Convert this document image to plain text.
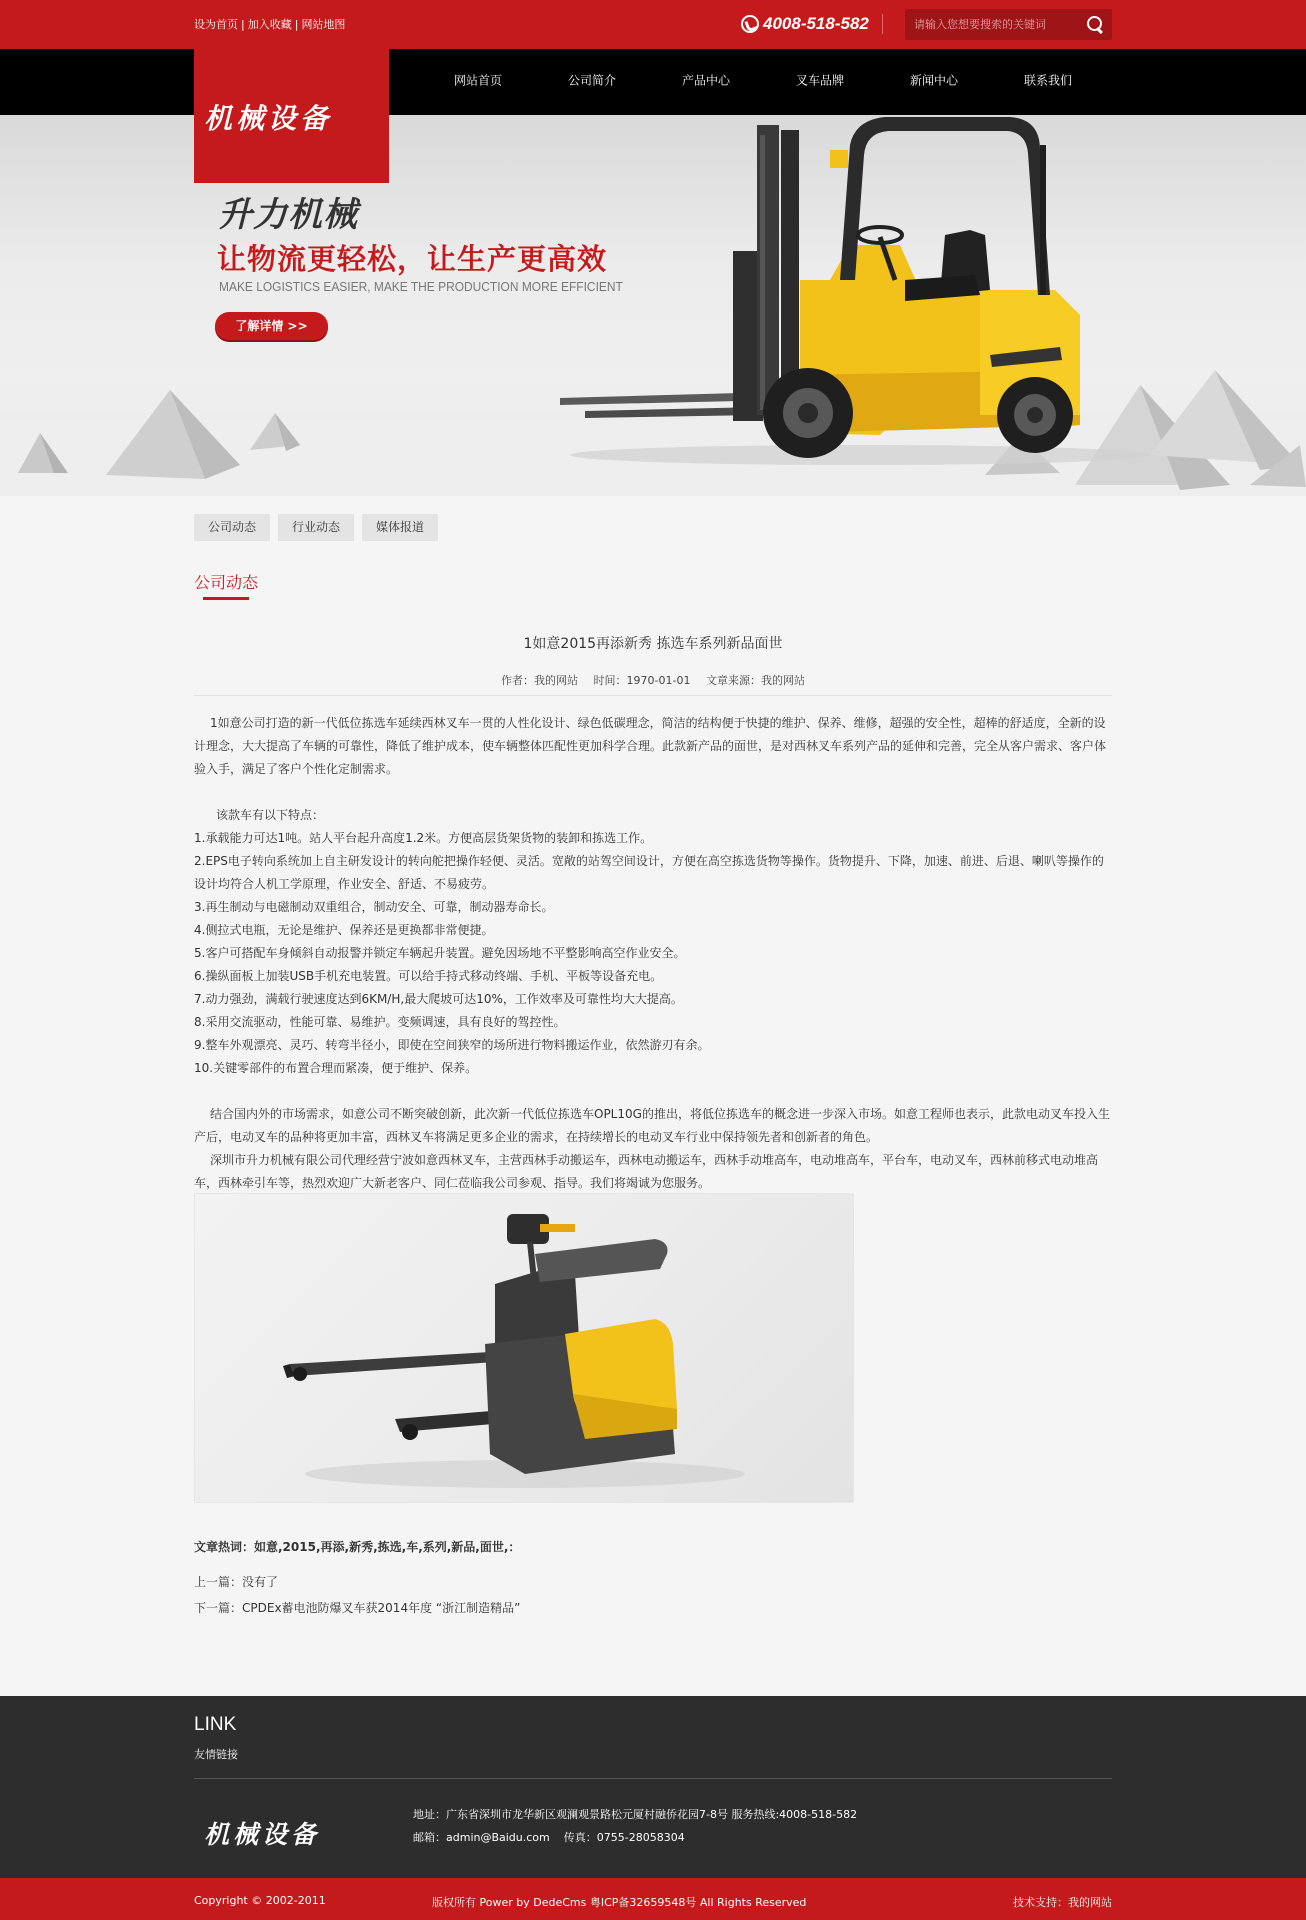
设为首页 | 加入收藏 | 网站地图	4008-518-582
请输入您想要搜索的关键词
网站首页	公司简介	产品中心	叉车品牌	新闻中心	联系我们
机械设备
升力机械
让物流更轻松，让生产更高效
MAKE LOGISTICS EASIER, MAKE THE PRODUCTION MORE EFFICIENT
了解详情 >>
公司动态	行业动态	媒体报道
公司动态
1如意2015再添新秀 拣选车系列新品面世
作者：我的网站 时间：1970-01-01 文章来源：我的网站

1如意公司打造的新一代低位拣选车延续西林叉车一贯的人性化设计、绿色低碳理念，简洁的结构便于快捷的维护、保养、维修，超强的安全性，超棒的舒适度，全新的设计理念，大大提高了车辆的可靠性，降低了维护成本，使车辆整体匹配性更加科学合理。此款新产品的面世，是对西林叉车系列产品的延伸和完善，完全从客户需求、客户体验入手，满足了客户个性化定制需求。

该款车有以下特点：

1.承载能力可达1吨。站人平台起升高度1.2米。方便高层货架货物的装卸和拣选工作。

2.EPS电子转向系统加上自主研发设计的转向舵把操作轻便、灵活。宽敞的站驾空间设计，方便在高空拣选货物等操作。货物提升、下降，加速、前进、后退、喇叭等操作的设计均符合人机工学原理，作业安全、舒适、不易疲劳。

3.再生制动与电磁制动双重组合，制动安全、可靠，制动器寿命长。

4.侧拉式电瓶，无论是维护、保养还是更换都非常便捷。

5.客户可搭配车身倾斜自动报警并锁定车辆起升装置。避免因场地不平整影响高空作业安全。

6.操纵面板上加装USB手机充电装置。可以给手持式移动终端、手机、平板等设备充电。

7.动力强劲，满载行驶速度达到6KM/H,最大爬坡可达10%，工作效率及可靠性均大大提高。

8.采用交流驱动，性能可靠、易维护。变频调速，具有良好的驾控性。

9.整车外观漂亮、灵巧、转弯半径小，即使在空间狭窄的场所进行物料搬运作业，依然游刃有余。

10.关键零部件的布置合理而紧凑，便于维护、保养。

结合国内外的市场需求，如意公司不断突破创新，此次新一代低位拣选车OPL10G的推出，将低位拣选车的概念进一步深入市场。如意工程师也表示，此款电动叉车投入生产后，电动叉车的品种将更加丰富，西林叉车将满足更多企业的需求，在持续增长的电动叉车行业中保持领先者和创新者的角色。

深圳市升力机械有限公司代理经营宁波如意西林叉车，主营西林手动搬运车，西林电动搬运车，西林手动堆高车，电动堆高车，平台车，电动叉车，西林前移式电动堆高车，西林牵引车等，热烈欢迎广大新老客户、同仁莅临我公司参观、指导。我们将竭诚为您服务。

文章热词：如意,2015,再添,新秀,拣选,车,系列,新品,面世,：
上一篇：没有了
下一篇：CPDEx蓄电池防爆叉车获2014年度 “浙江制造精品”
LINK
友情链接
机械设备
地址：广东省深圳市龙华新区观澜观景路松元厦村融侨花园7-8号 服务热线:4008-518-582
邮箱：admin@Baidu.com 传真：0755-28058304
Copyright © 2002-2011	版权所有 Power by DedeCms 粤ICP备32659548号 All Rights Reserved	技术支持：我的网站
